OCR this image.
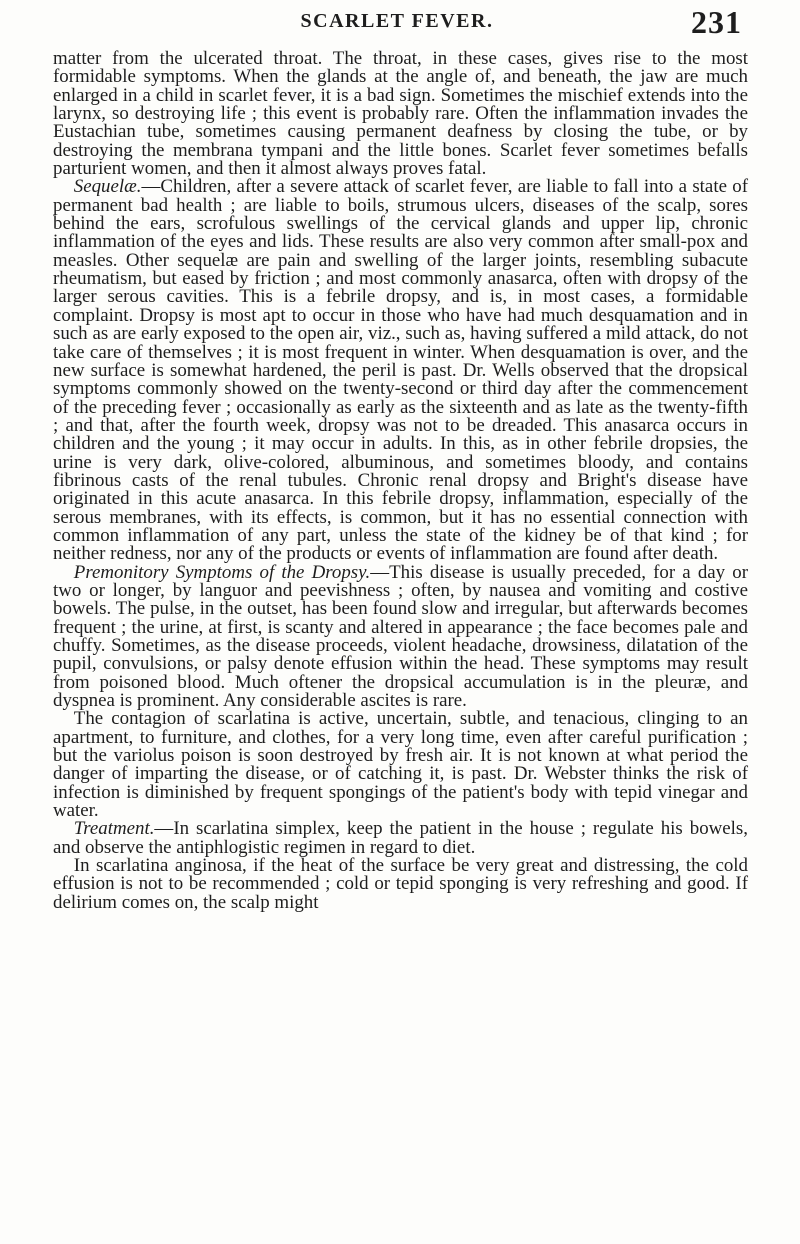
SCARLET FEVER.	231

matter from the ulcerated throat. The throat, in these cases, gives rise to the most formidable symptoms. When the glands at the angle of, and beneath, the jaw are much enlarged in a child in scarlet fever, it is a bad sign. Sometimes the mischief extends into the larynx, so destroying life ; this event is probably rare. Often the inflammation invades the Eustachian tube, sometimes causing permanent deafness by closing the tube, or by destroying the membrana tympani and the little bones. Scarlet fever sometimes befalls parturient women, and then it almost always proves fatal.

Sequelæ.—Children, after a severe attack of scarlet fever, are liable to fall into a state of permanent bad health ; are liable to boils, strumous ulcers, diseases of the scalp, sores behind the ears, scrofulous swellings of the cervical glands and upper lip, chronic inflammation of the eyes and lids. These results are also very common after small-pox and measles. Other sequelæ are pain and swelling of the larger joints, resembling subacute rheumatism, but eased by friction ; and most commonly anasarca, often with dropsy of the larger serous cavities. This is a febrile dropsy, and is, in most cases, a formidable complaint. Dropsy is most apt to occur in those who have had much desquamation and in such as are early exposed to the open air, viz., such as, having suffered a mild attack, do not take care of themselves ; it is most frequent in winter. When desquamation is over, and the new surface is somewhat hardened, the peril is past. Dr. Wells observed that the dropsical symptoms commonly showed on the twenty-second or third day after the commencement of the preceding fever ; occasionally as early as the sixteenth and as late as the twenty-fifth ; and that, after the fourth week, dropsy was not to be dreaded. This anasarca occurs in children and the young ; it may occur in adults. In this, as in other febrile dropsies, the urine is very dark, olive-colored, albuminous, and sometimes bloody, and contains fibrinous casts of the renal tubules. Chronic renal dropsy and Bright's disease have originated in this acute anasarca. In this febrile dropsy, inflammation, especially of the serous membranes, with its effects, is common, but it has no essential connection with common inflammation of any part, unless the state of the kidney be of that kind ; for neither redness, nor any of the products or events of inflammation are found after death.

Premonitory Symptoms of the Dropsy.—This disease is usually preceded, for a day or two or longer, by languor and peevishness ; often, by nausea and vomiting and costive bowels. The pulse, in the outset, has been found slow and irregular, but afterwards becomes frequent ; the urine, at first, is scanty and altered in appearance ; the face becomes pale and chuffy. Sometimes, as the disease proceeds, violent headache, drowsiness, dilatation of the pupil, convulsions, or palsy denote effusion within the head. These symptoms may result from poisoned blood. Much oftener the dropsical accumulation is in the pleuræ, and dyspnea is prominent. Any considerable ascites is rare.

The contagion of scarlatina is active, uncertain, subtle, and tenacious, clinging to an apartment, to furniture, and clothes, for a very long time, even after careful purification ; but the variolus poison is soon destroyed by fresh air. It is not known at what period the danger of imparting the disease, or of catching it, is past. Dr. Webster thinks the risk of infection is diminished by frequent spongings of the patient's body with tepid vinegar and water.

Treatment.—In scarlatina simplex, keep the patient in the house ; regulate his bowels, and observe the antiphlogistic regimen in regard to diet.

In scarlatina anginosa, if the heat of the surface be very great and distressing, the cold effusion is not to be recommended ; cold or tepid sponging is very refreshing and good. If delirium comes on, the scalp might
